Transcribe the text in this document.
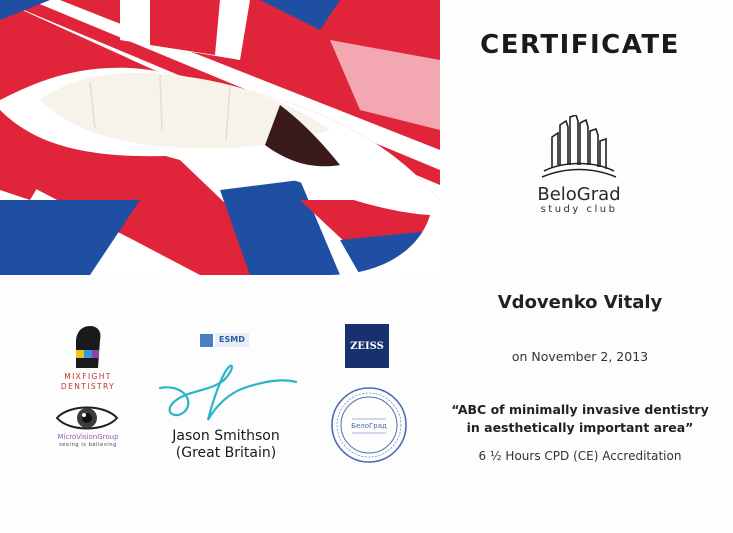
CERTIFICATE
BeloGrad
study club
Vdovenko Vitaly
on November 2, 2013
“ABC of minimally invasive dentistry
in aesthetically important area”
6 ½ Hours CPD (CE) Accreditation
MIXFIGHT
DENTISTRY
MicroVisionGroup
seeing is believing
ESMD
Jason Smithson
(Great Britain)
ZEISS
БелоГрад
